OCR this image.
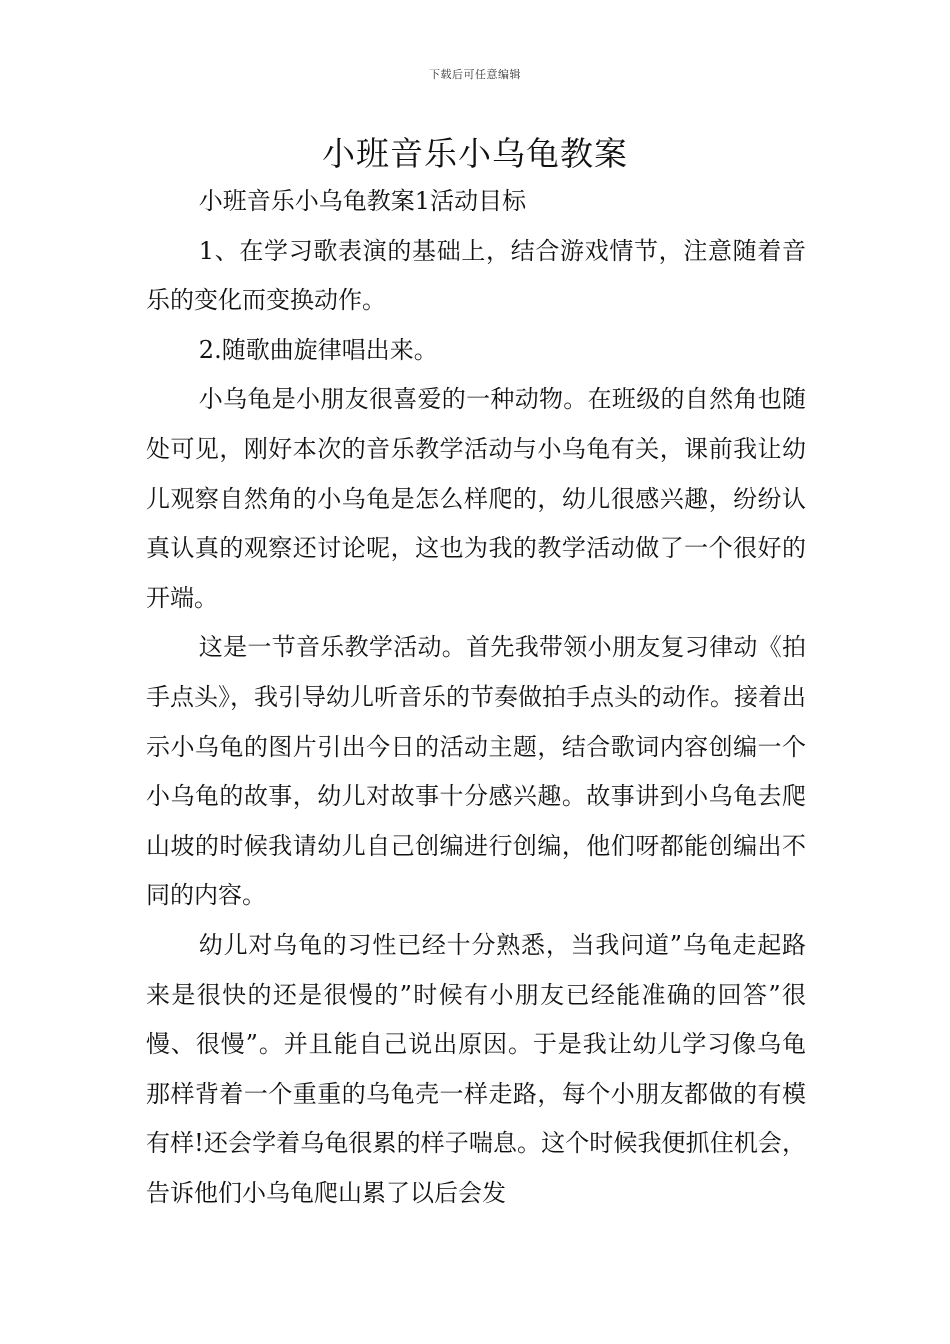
下载后可任意编辑
小班音乐小乌龟教案

小班音乐小乌龟教案1活动目标

1、在学习歌表演的基础上，结合游戏情节，注意随着音乐的变化而变换动作。

2.随歌曲旋律唱出来。

小乌龟是小朋友很喜爱的一种动物。在班级的自然角也随处可见，刚好本次的音乐教学活动与小乌龟有关，课前我让幼儿观察自然角的小乌龟是怎么样爬的，幼儿很感兴趣，纷纷认真认真的观察还讨论呢，这也为我的教学活动做了一个很好的开端。

这是一节音乐教学活动。首先我带领小朋友复习律动《拍手点头》，我引导幼儿听音乐的节奏做拍手点头的动作。接着出示小乌龟的图片引出今日的活动主题，结合歌词内容创编一个小乌龟的故事，幼儿对故事十分感兴趣。故事讲到小乌龟去爬山坡的时候我请幼儿自己创编进行创编，他们呀都能创编出不同的内容。

幼儿对乌龟的习性已经十分熟悉，当我问道”乌龟走起路来是很快的还是很慢的”时候有小朋友已经能准确的回答”很慢、很慢”。并且能自己说出原因。于是我让幼儿学习像乌龟那样背着一个重重的乌龟壳一样走路，每个小朋友都做的有模有样!还会学着乌龟很累的样子喘息。这个时候我便抓住机会，告诉他们小乌龟爬山累了以后会发
